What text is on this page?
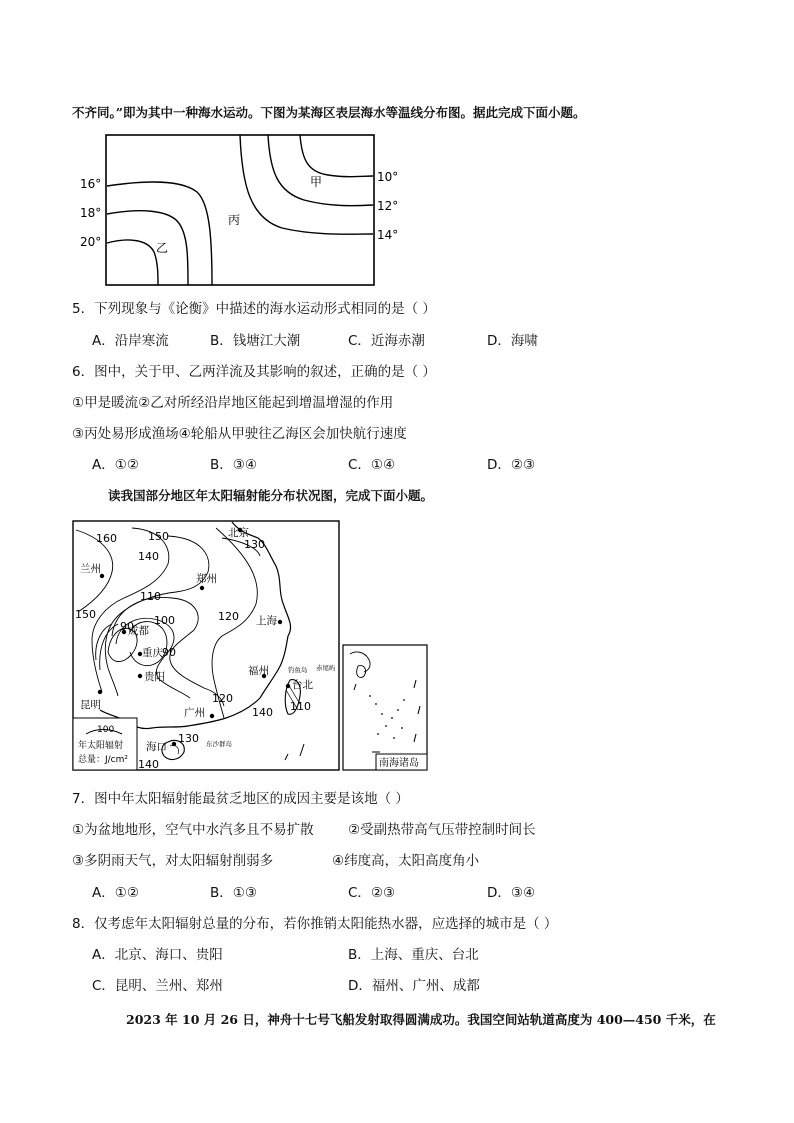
不齐同。”即为其中一种海水运动。下图为某海区表层海水等温线分布图。据此完成下面小题。
16°
18°
20°
10°
12°
14°
甲
丙
乙
5．下列现象与《论衡》中描述的海水运动形式相同的是（ ）
A．沿岸寒流	B．钱塘江大潮	C．近海赤潮	D．海啸
6．图中，关于甲、乙两洋流及其影响的叙述，正确的是（ ）
①甲是暖流②乙对所经沿岸地区能起到增温增湿的作用
③丙处易形成渔场④轮船从甲驶往乙海区会加快航行速度
A．①②	B．③④	C．①④	D．②③
读我国部分地区年太阳辐射能分布状况图，完成下面小题。
100
年太阳辐射
总量：J/cm²
北京
兰州
郑州
成都
重庆
贵阳
昆明
上海
福州
台北
广州
海口
钓鱼岛 赤尾屿
东沙群岛
160	150
140
130
110
150
90 100
90
120
120
140 110
130
140	南海诸岛
7．图中年太阳辐射能最贫乏地区的成因主要是该地（ ）
①为盆地地形，空气中水汽多且不易扩散	②受副热带高气压带控制时间长
③多阴雨天气，对太阳辐射削弱多	④纬度高，太阳高度角小
A．①②	B．①③	C．②③	D．③④
8．仅考虑年太阳辐射总量的分布，若你推销太阳能热水器，应选择的城市是（ ）
A．北京、海口、贵阳	B．上海、重庆、台北
C．昆明、兰州、郑州	D．福州、广州、成都
2023 年 10 月 26 日，神舟十七号飞船发射取得圆满成功。我国空间站轨道高度为 400—450 千米，在
